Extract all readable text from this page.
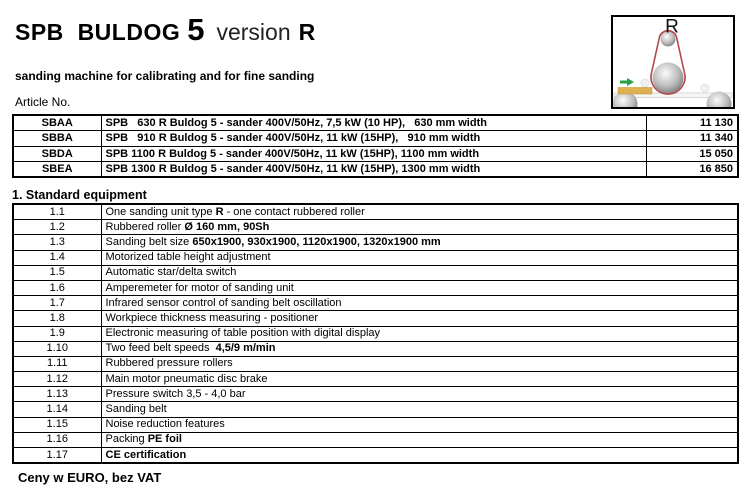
SPB  BULDOG 5 version R	R
sanding machine for calibrating and for fine sanding
Article No.
SBAA	SPB   630 R Buldog 5 - sander 400V/50Hz, 7,5 kW (10 HP),   630 mm width	11 130
SBBA	SPB   910 R Buldog 5 - sander 400V/50Hz, 11 kW (15HP),   910 mm width	11 340
SBDA	SPB 1100 R Buldog 5 - sander 400V/50Hz, 11 kW (15HP), 1100 mm width	15 050
SBEA	SPB 1300 R Buldog 5 - sander 400V/50Hz, 11 kW (15HP), 1300 mm width	16 850
1. Standard equipment
1.1	One sanding unit type R - one contact rubbered roller
1.2	Rubbered roller Ø 160 mm, 90Sh
1.3	Sanding belt size 650x1900, 930x1900, 1120x1900, 1320x1900 mm
1.4	Motorized table height adjustment
1.5	Automatic star/delta switch
1.6	Amperemeter for motor of sanding unit
1.7	Infrared sensor control of sanding belt oscillation
1.8	Workpiece thickness measuring - positioner
1.9	Electronic measuring of table position with digital display
1.10	Two feed belt speeds  4,5/9 m/min
1.11	Rubbered pressure rollers
1.12	Main motor pneumatic disc brake
1.13	Pressure switch 3,5 - 4,0 bar
1.14	Sanding belt
1.15	Noise reduction features
1.16	Packing PE foil
1.17	CE certification
Ceny w EURO, bez VAT
